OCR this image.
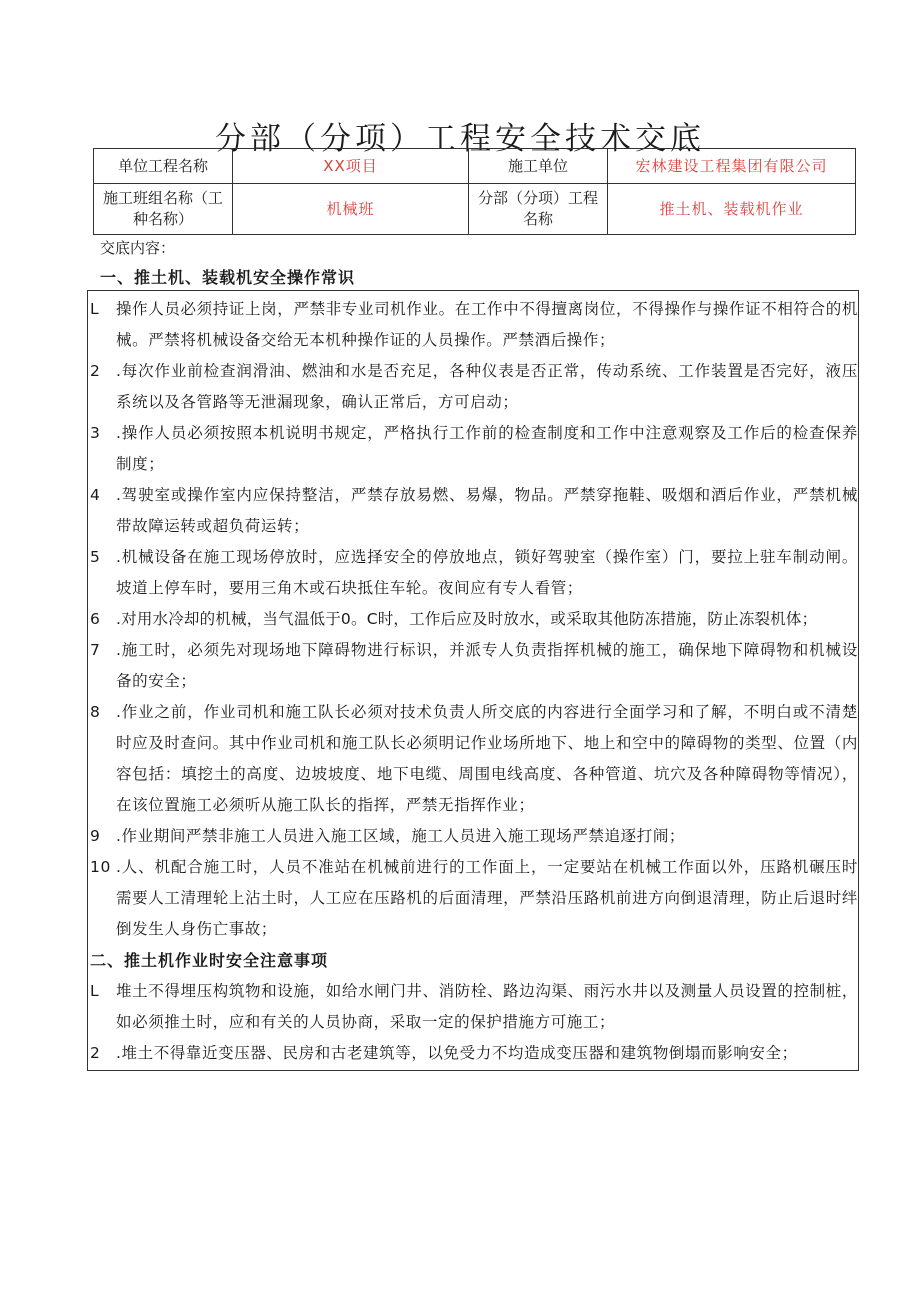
分部（分项）工程安全技术交底
单位工程名称	XX项目	施工单位	宏林建设工程集团有限公司
施工班组名称（工种名称）	机械班	分部（分项）工程名称	推土机、装载机作业
交底内容：
一、推土机、装载机安全操作常识
L 操作人员必须持证上岗，严禁非专业司机作业。在工作中不得擅离岗位，不得操作与操作证不相符合的机械。严禁将机械设备交给无本机种操作证的人员操作。严禁酒后操作；
2 .每次作业前检查润滑油、燃油和水是否充足，各种仪表是否正常，传动系统、工作装置是否完好，液压系统以及各管路等无泄漏现象，确认正常后，方可启动；
3 .操作人员必须按照本机说明书规定，严格执行工作前的检查制度和工作中注意观察及工作后的检查保养制度；
4 .驾驶室或操作室内应保持整洁，严禁存放易燃、易爆，物品。严禁穿拖鞋、吸烟和酒后作业，严禁机械带故障运转或超负荷运转；
5 .机械设备在施工现场停放时，应选择安全的停放地点，锁好驾驶室（操作室）门，要拉上驻车制动闸。坡道上停车时，要用三角木或石块抵住车轮。夜间应有专人看管；
6 .对用水冷却的机械，当气温低于0。C时，工作后应及时放水，或采取其他防冻措施，防止冻裂机体；
7 .施工时，必须先对现场地下障碍物进行标识，并派专人负责指挥机械的施工，确保地下障碍物和机械设备的安全；
8 .作业之前，作业司机和施工队长必须对技术负责人所交底的内容进行全面学习和了解，不明白或不清楚时应及时查问。其中作业司机和施工队长必须明记作业场所地下、地上和空中的障碍物的类型、位置（内容包括：填挖土的高度、边坡坡度、地下电缆、周围电线高度、各种管道、坑穴及各种障碍物等情况），在该位置施工必须听从施工队长的指挥，严禁无指挥作业；
9 .作业期间严禁非施工人员进入施工区域，施工人员进入施工现场严禁追逐打闹；
10 .人、机配合施工时，人员不准站在机械前进行的工作面上，一定要站在机械工作面以外，压路机碾压时需要人工清理轮上沾土时，人工应在压路机的后面清理，严禁沿压路机前进方向倒退清理，防止后退时绊倒发生人身伤亡事故；
二、推土机作业时安全注意事项
L 堆土不得埋压构筑物和设施，如给水闸门井、消防栓、路边沟渠、雨污水井以及测量人员设置的控制桩，如必须推土时，应和有关的人员协商，采取一定的保护措施方可施工；
2 .堆土不得靠近变压器、民房和古老建筑等，以免受力不均造成变压器和建筑物倒塌而影响安全；
